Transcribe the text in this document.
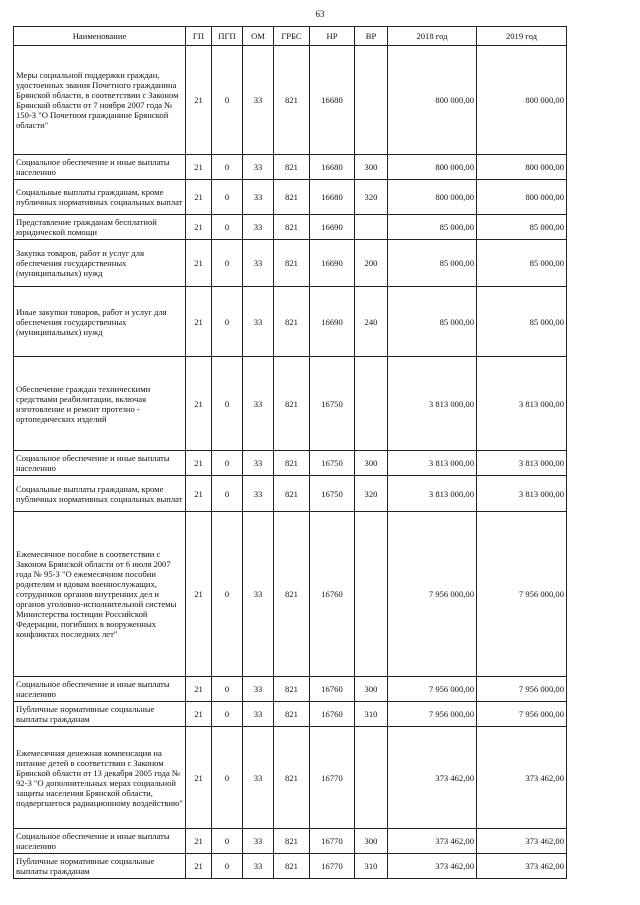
63
Наименование	ГП	ПГП	ОМ	ГРБС	НР	ВР	2018 год	2019 год
Меры социальной поддержки граждан, удостоенных звания Почетного гражданина Брянской области, в соответствии с Законом Брянской области от 7 ноября 2007 года № 150-З "О Почетном гражданине Брянской области"	21	0	33	821	16680		800 000,00	800 000,00
Социальное обеспечение и иные выплаты населению	21	0	33	821	16680	300	800 000,00	800 000,00
Социальные выплаты гражданам, кроме публичных нормативных социальных выплат	21	0	33	821	16680	320	800 000,00	800 000,00
Представление гражданам бесплатной юридической помощи	21	0	33	821	16690		85 000,00	85 000,00
Закупка товаров, работ и услуг для обеспечения государственных (муниципальных) нужд	21	0	33	821	16690	200	85 000,00	85 000,00
Иные закупки товаров, работ и услуг для обеспечения государственных (муниципальных) нужд	21	0	33	821	16690	240	85 000,00	85 000,00
Обеспечение граждан техническими средствами реабилитации, включая изготовление и ремонт протезно - ортопедических изделий	21	0	33	821	16750		3 813 000,00	3 813 000,00
Социальное обеспечение и иные выплаты населению	21	0	33	821	16750	300	3 813 000,00	3 813 000,00
Социальные выплаты гражданам, кроме публичных нормативных социальных выплат	21	0	33	821	16750	320	3 813 000,00	3 813 000,00
Ежемесячное пособие в соответствии с Законом Брянской области от 6 июля 2007 года № 95-З "О ежемесячном пособии родителям и вдовам военнослужащих, сотрудников органов внутренних дел и органов уголовно-исполнительной системы Министерства юстиции Российской Федерации, погибших в вооруженных конфликтах последних лет"	21	0	33	821	16760		7 956 000,00	7 956 000,00
Социальное обеспечение и иные выплаты населению	21	0	33	821	16760	300	7 956 000,00	7 956 000,00
Публичные нормативные социальные выплаты гражданам	21	0	33	821	16760	310	7 956 000,00	7 956 000,00
Ежемесячная денежная компенсация на питание детей в соответствии с Законом Брянской области от 13 декабря 2005 года № 92-З "О дополнительных мерах социальной защиты населения Брянской области, подвергшегося радиационному воздействию"	21	0	33	821	16770		373 462,00	373 462,00
Социальное обеспечение и иные выплаты населению	21	0	33	821	16770	300	373 462,00	373 462,00
Публичные нормативные социальные выплаты гражданам	21	0	33	821	16770	310	373 462,00	373 462,00
